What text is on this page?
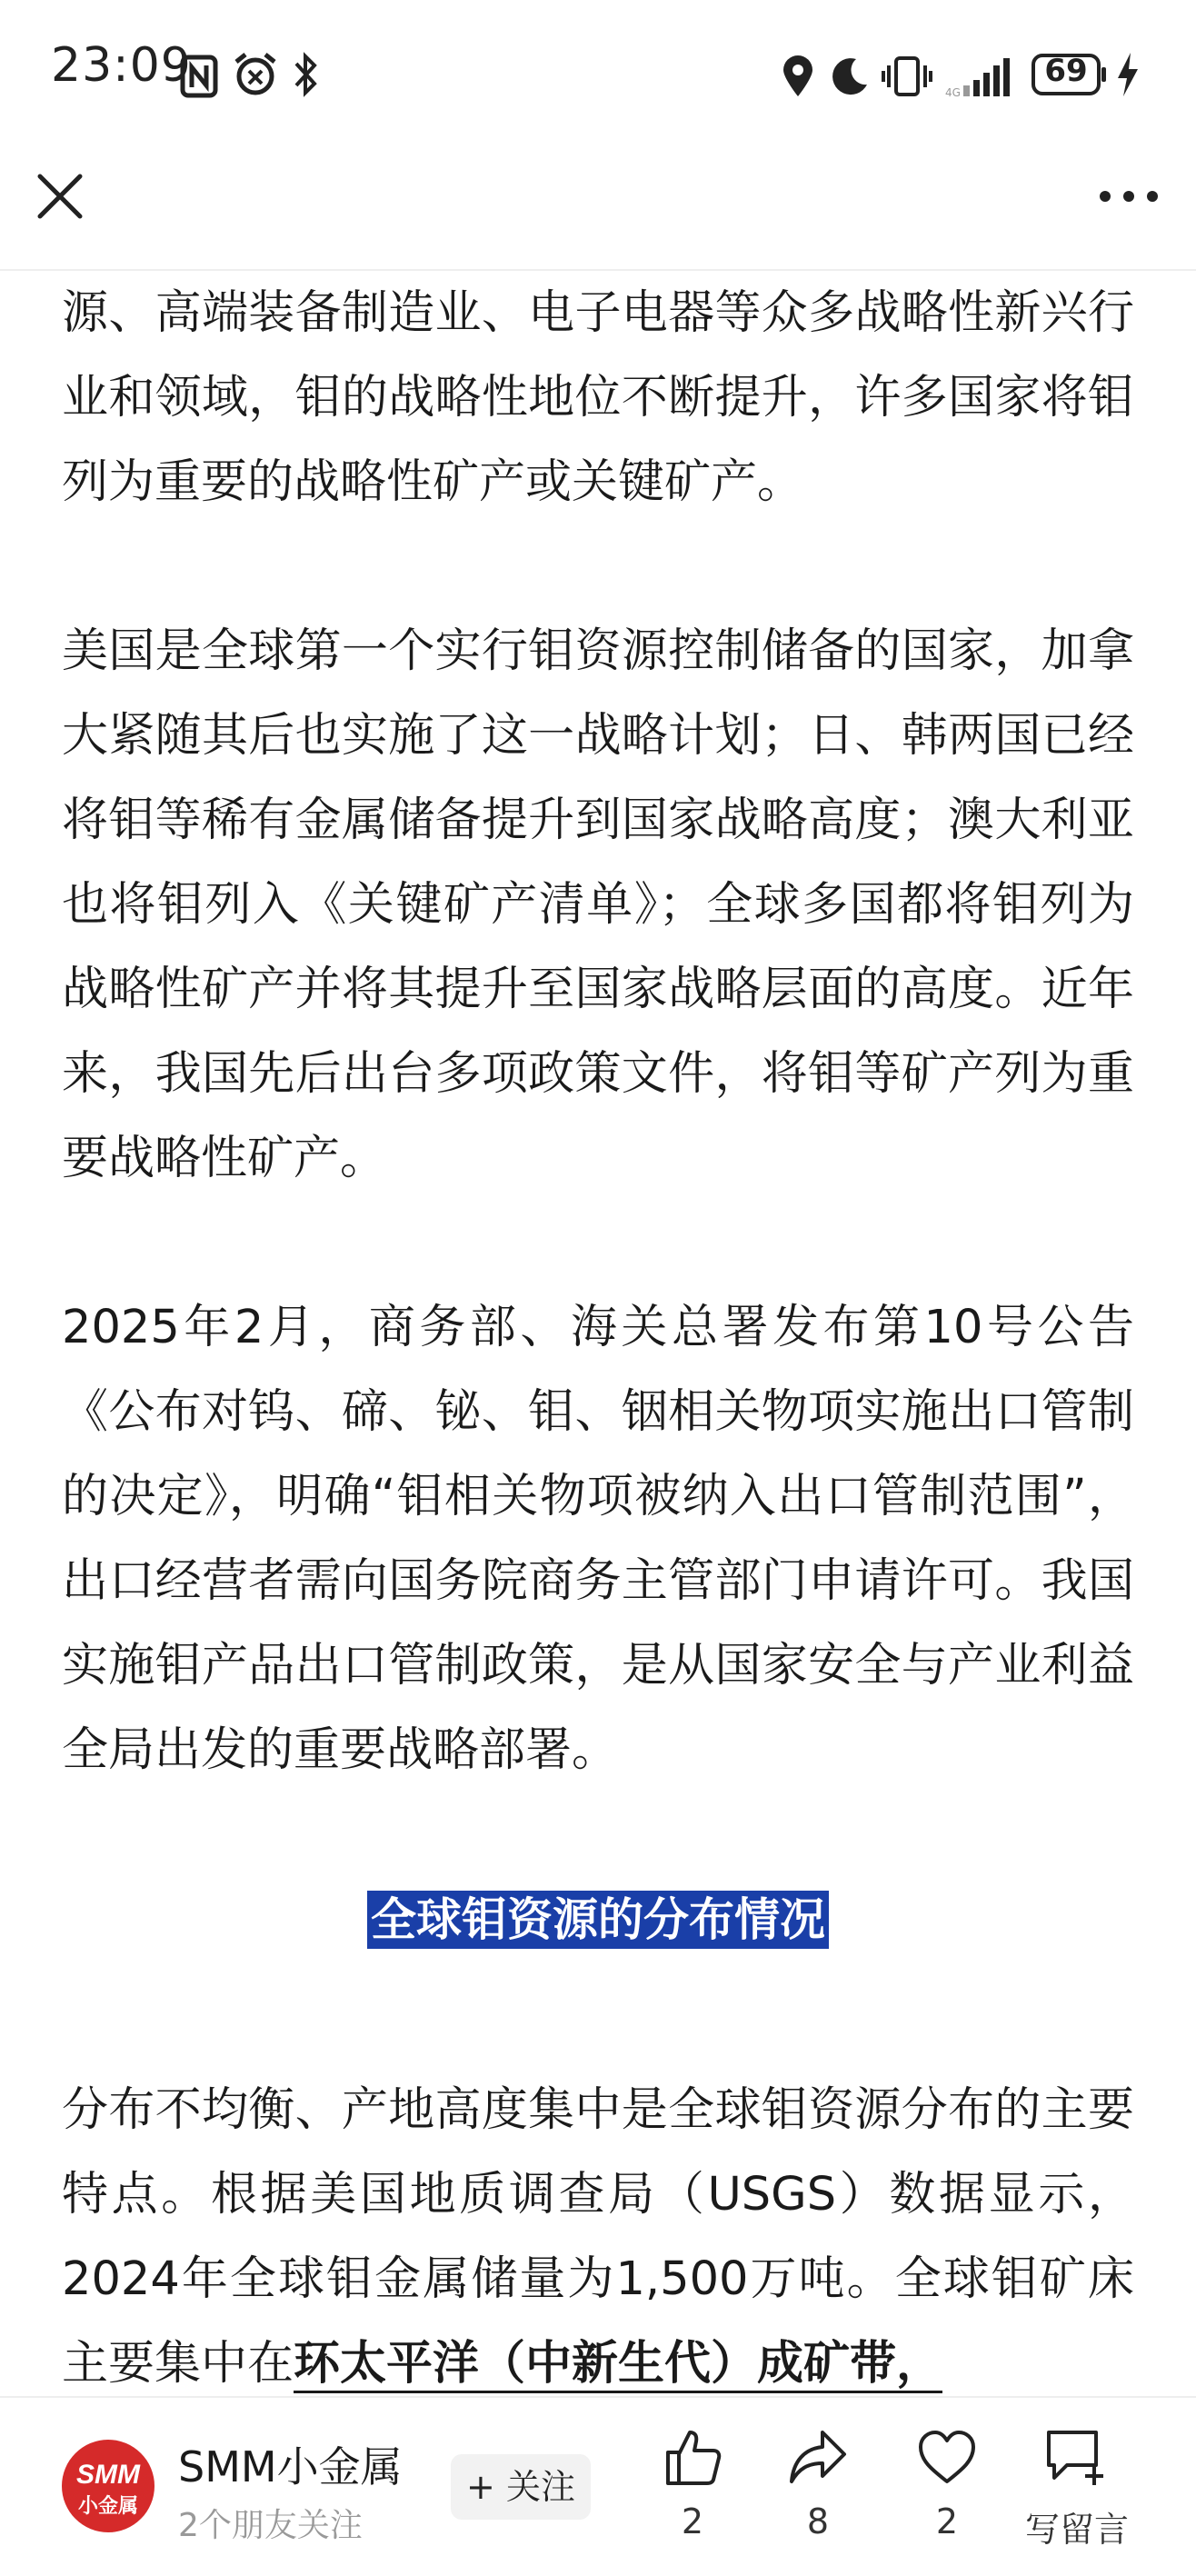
23:09	4G
69

源、高端装备制造业、电子电器等众多战略性新兴行业和领域，钼的战略性地位不断提升，许多国家将钼列为重要的战略性矿产或关键矿产。

美国是全球第一个实行钼资源控制储备的国家，加拿大紧随其后也实施了这一战略计划；日、韩两国已经将钼等稀有金属储备提升到国家战略高度；澳大利亚也将钼列入《关键矿产清单》；全球多国都将钼列为战略性矿产并将其提升至国家战略层面的高度。近年来，我国先后出台多项政策文件，将钼等矿产列为重要战略性矿产。

2025年2月，商务部、海关总署发布第10号公告《公布对钨、碲、铋、钼、铟相关物项实施出口管制的决定》，明确“钼相关物项被纳入出口管制范围”，出口经营者需向国务院商务主管部门申请许可。我国实施钼产品出口管制政策，是从国家安全与产业利益全局出发的重要战略部署。

全球钼资源的分布情况

分布不均衡、产地高度集中是全球钼资源分布的主要特点。根据美国地质调查局（USGS）数据显示，2024年全球钼金属储量为1,500万吨。全球钼矿床主要集中在环太平洋（中新生代）成矿带，

SMM
小金属
SMM小金属
2个朋友关注
+ 关注
2	8	2	写留言
